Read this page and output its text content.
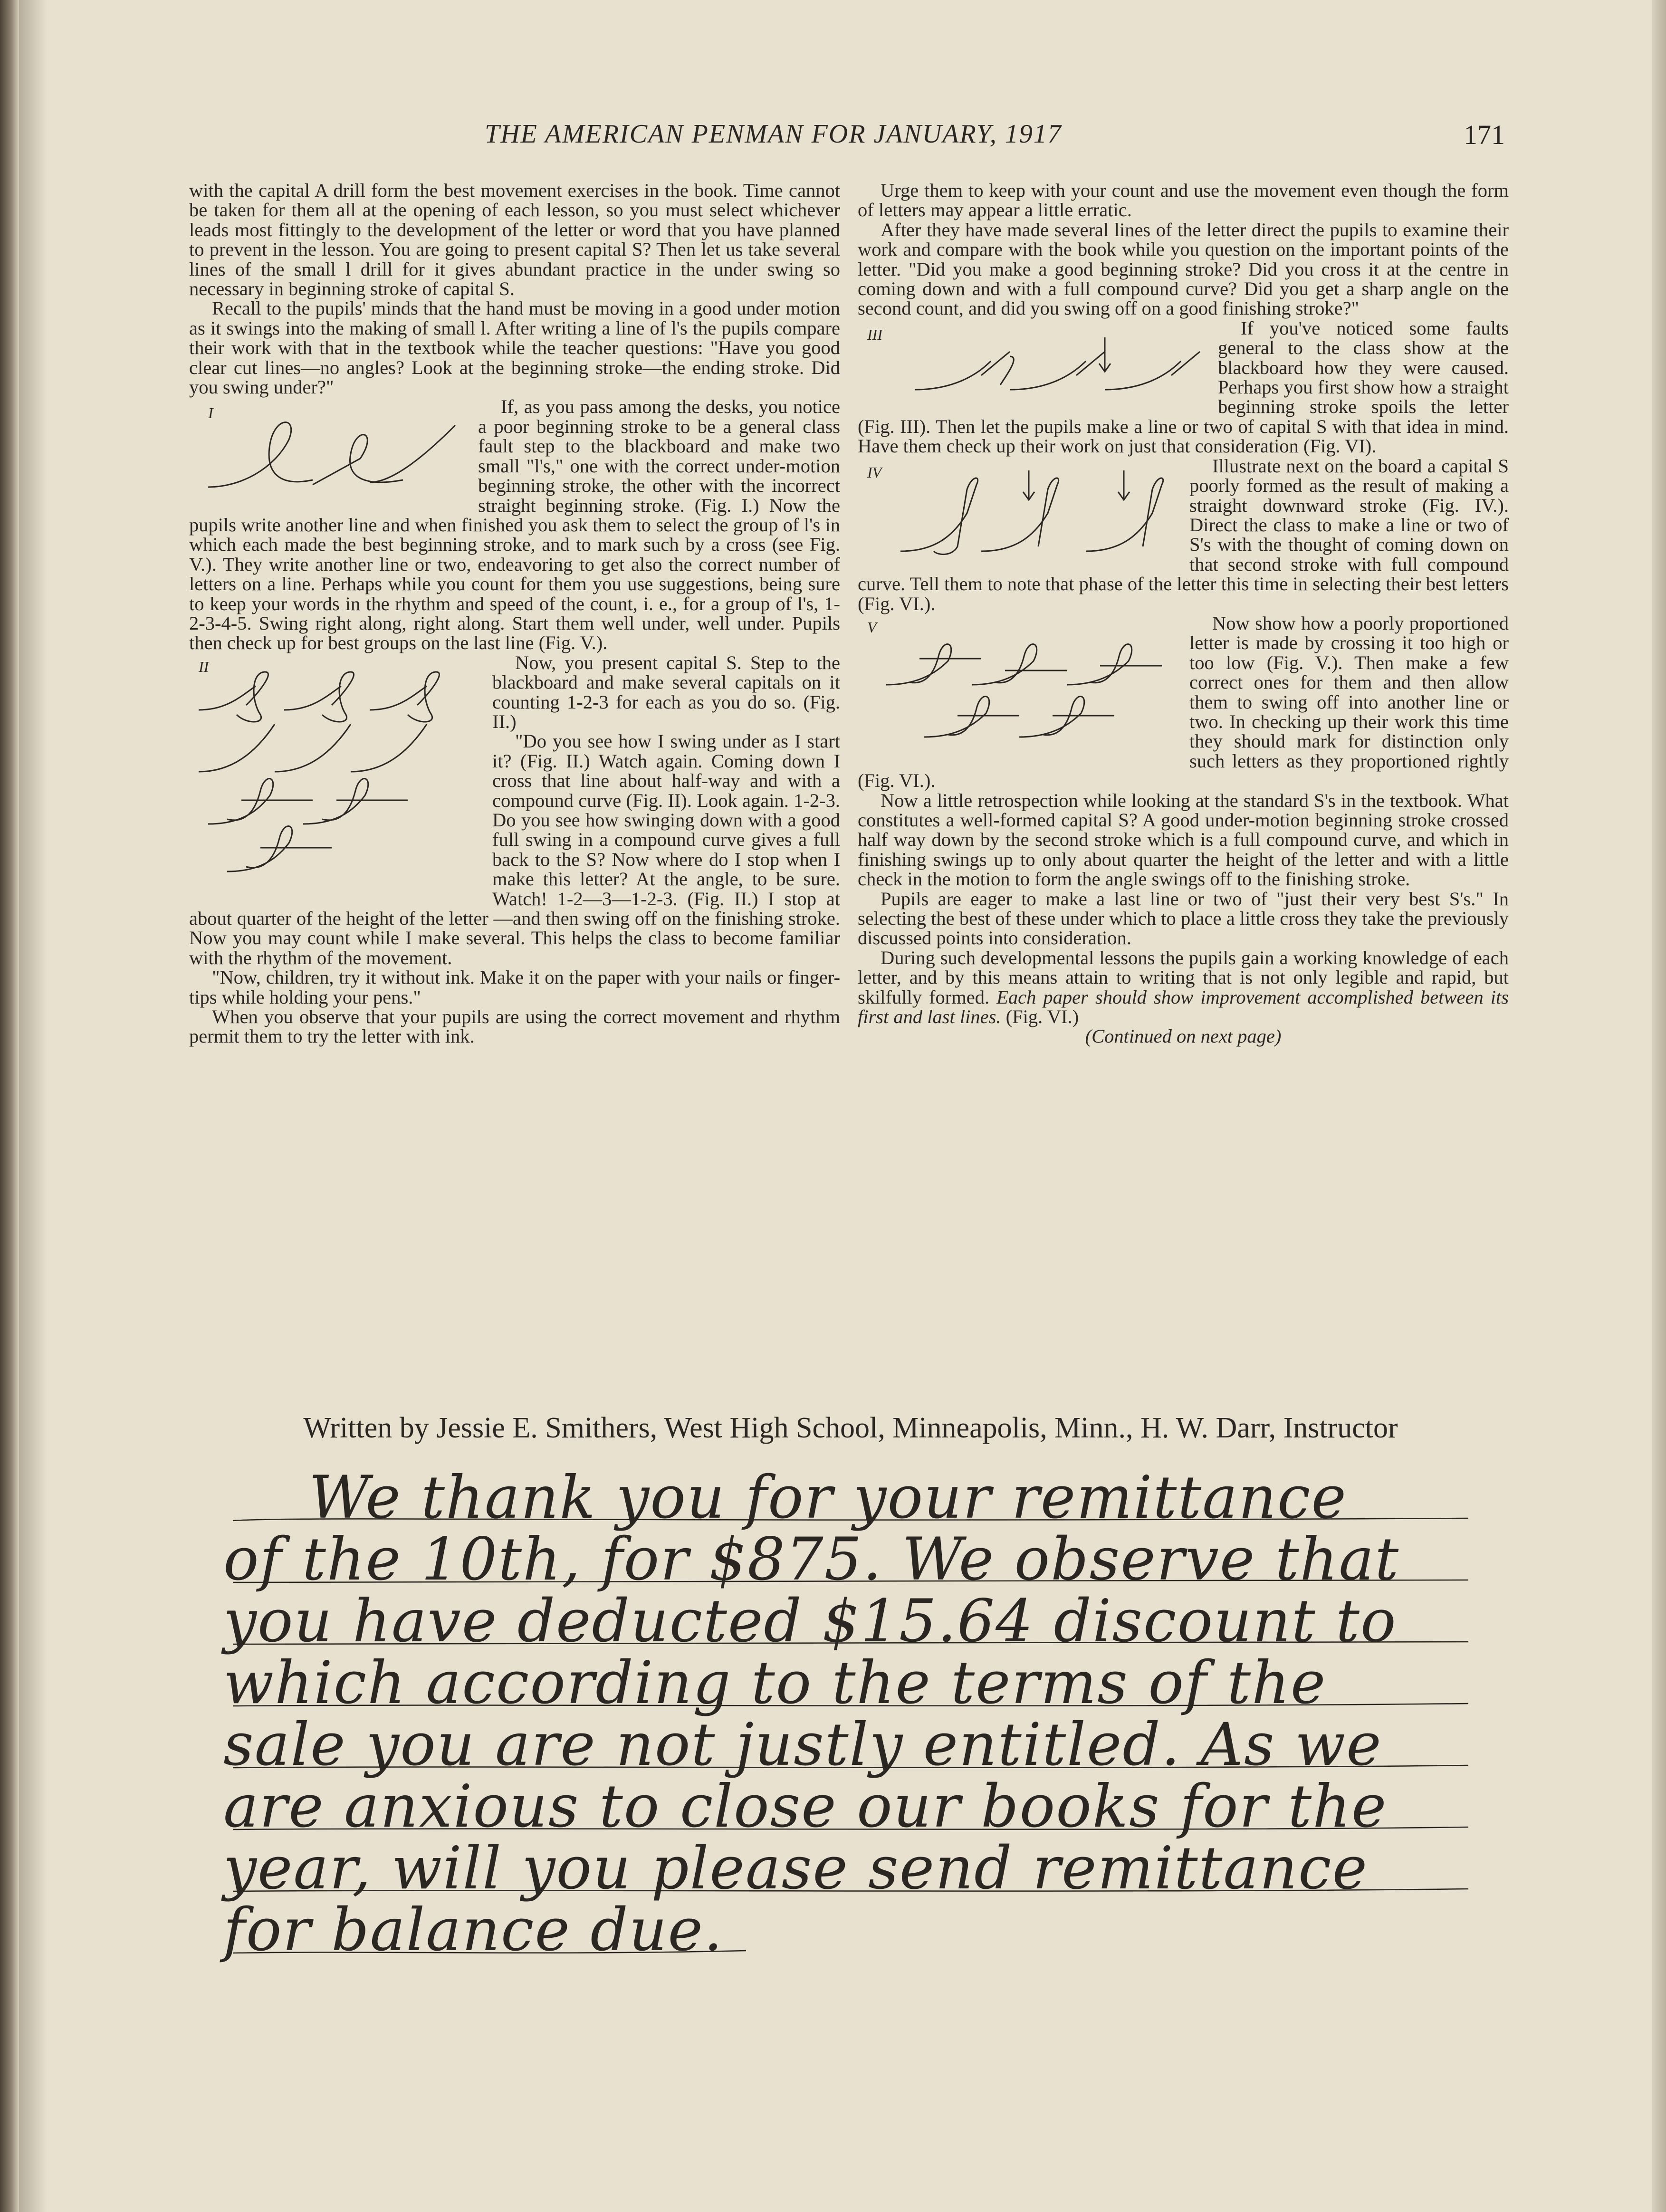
THE AMERICAN PENMAN FOR JANUARY, 1917	171

with the capital A drill form the best movement exercises in the book. Time cannot be taken for them all at the opening of each lesson, so you must select whichever leads most fittingly to the development of the letter or word that you have planned to prevent in the lesson. You are going to present capital S? Then let us take several lines of the small l drill for it gives abundant practice in the under swing so necessary in beginning stroke of capital S.

Recall to the pupils' minds that the hand must be moving in a good under motion as it swings into the making of small l. After writing a line of l's the pupils compare their work with that in the textbook while the teacher questions: "Have you good clear cut lines—no angles? Look at the beginning stroke—the ending stroke. Did you swing under?"

I	If, as you pass among the desks, you notice a poor beginning stroke to be a general class fault step to the blackboard and make two small "l's," one with the correct under-motion beginning stroke, the other with the incorrect straight beginning stroke. (Fig. I.) Now the pupils write another line and when finished you ask them to select the group of l's in which each made the best beginning stroke, and to mark such by a cross (see Fig. V.). They write another line or two, endeavoring to get also the correct number of letters on a line. Perhaps while you count for them you use suggestions, being sure to keep your words in the rhythm and speed of the count, i. e., for a group of l's, 1-2-3-4-5. Swing right along, right along. Start them well under, well under. Pupils then check up for best groups on the last line (Fig. V.).

II	Now, you present capital S. Step to the blackboard and make several capitals on it counting 1-2-3 for each as you do so. (Fig. II.)

"Do you see how I swing under as I start it? (Fig. II.) Watch again. Coming down I cross that line about half-way and with a compound curve (Fig. II). Look again. 1-2-3. Do you see how swinging down with a good full swing in a compound curve gives a full back to the S? Now where do I stop when I make this letter? At the angle, to be sure. Watch! 1-2—3—1-2-3. (Fig. II.) I stop at about quarter of the height of the letter —and then swing off on the finishing stroke. Now you may count while I make several. This helps the class to become familiar with the rhythm of the movement.

"Now, children, try it without ink. Make it on the paper with your nails or finger-tips while holding your pens."

When you observe that your pupils are using the correct movement and rhythm permit them to try the letter with ink.

Urge them to keep with your count and use the movement even though the form of letters may appear a little erratic.

After they have made several lines of the letter direct the pupils to examine their work and compare with the book while you question on the important points of the letter. "Did you make a good beginning stroke? Did you cross it at the centre in coming down and with a full compound curve? Did you get a sharp angle on the second count, and did you swing off on a good finishing stroke?"

III	If you've noticed some faults general to the class show at the blackboard how they were caused. Perhaps you first show how a straight beginning stroke spoils the letter (Fig. III). Then let the pupils make a line or two of capital S with that idea in mind. Have them check up their work on just that consideration (Fig. VI).

IV	Illustrate next on the board a capital S poorly formed as the result of making a straight downward stroke (Fig. IV.). Direct the class to make a line or two of S's with the thought of coming down on that second stroke with full compound curve. Tell them to note that phase of the letter this time in selecting their best letters (Fig. VI.).

V	Now show how a poorly proportioned letter is made by crossing it too high or too low (Fig. V.). Then make a few correct ones for them and then allow them to swing off into another line or two. In checking up their work this time they should mark for distinction only such letters as they proportioned rightly (Fig. VI.).

Now a little retrospection while looking at the standard S's in the textbook. What constitutes a well-formed capital S? A good under-motion beginning stroke crossed half way down by the second stroke which is a full compound curve, and which in finishing swings up to only about quarter the height of the letter and with a little check in the motion to form the angle swings off to the finishing stroke.

Pupils are eager to make a last line or two of "just their very best S's." In selecting the best of these under which to place a little cross they take the previously discussed points into consideration.

During such developmental lessons the pupils gain a working knowledge of each letter, and by this means attain to writing that is not only legible and rapid, but skilfully formed. Each paper should show improvement accomplished between its first and last lines. (Fig. VI.)

(Continued on next page)

Written by Jessie E. Smithers, West High School, Minneapolis, Minn., H. W. Darr, Instructor

We thank you for your remittance
of the 10th, for $875. We observe that
you have deducted $15.64 discount to
which according to the terms of the
sale you are not justly entitled. As we
are anxious to close our books for the
year, will you please send remittance
for balance due.
